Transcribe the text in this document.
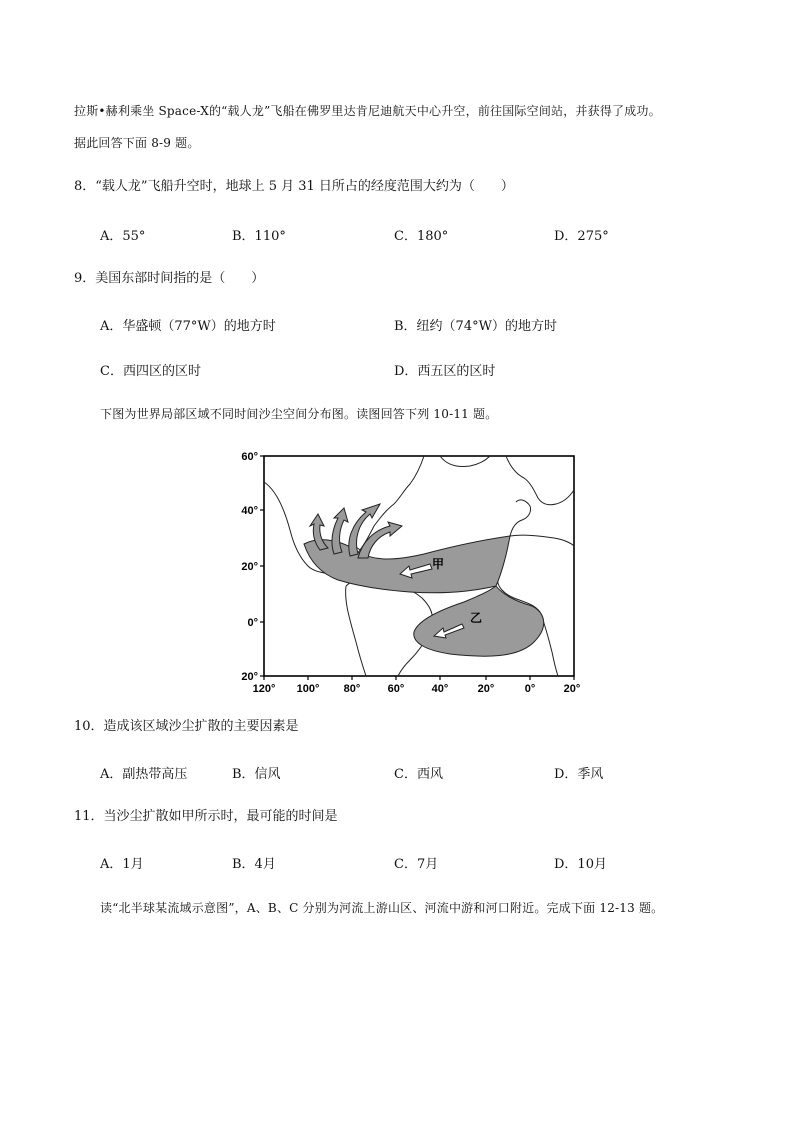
拉斯•赫利乘坐 Space-X的“载人龙”飞船在佛罗里达肯尼迪航天中心升空，前往国际空间站，并获得了成功。
据此回答下面 8-9 题。
8．“载人龙”飞船升空时，地球上 5 月 31 日所占的经度范围大约为（　　）
A．55°	B．110°	C．180°	D．275°
9．美国东部时间指的是（　　）
A．华盛顿（77°W）的地方时	B．纽约（74°W）的地方时
C．西四区的区时	D．西五区的区时
下图为世界局部区域不同时间沙尘空间分布图。读图回答下列 10-11 题。
甲
乙
60°
40°
20°
0°
20°
120° 100° 80° 60° 40°	20°	0°	20°
10．造成该区域沙尘扩散的主要因素是
A．副热带高压	B．信风	C．西风	D．季风
11．当沙尘扩散如甲所示时，最可能的时间是
A．1月	B．4月	C．7月	D．10月
读“北半球某流域示意图”，A、B、C 分别为河流上游山区、河流中游和河口附近。完成下面 12-13 题。
